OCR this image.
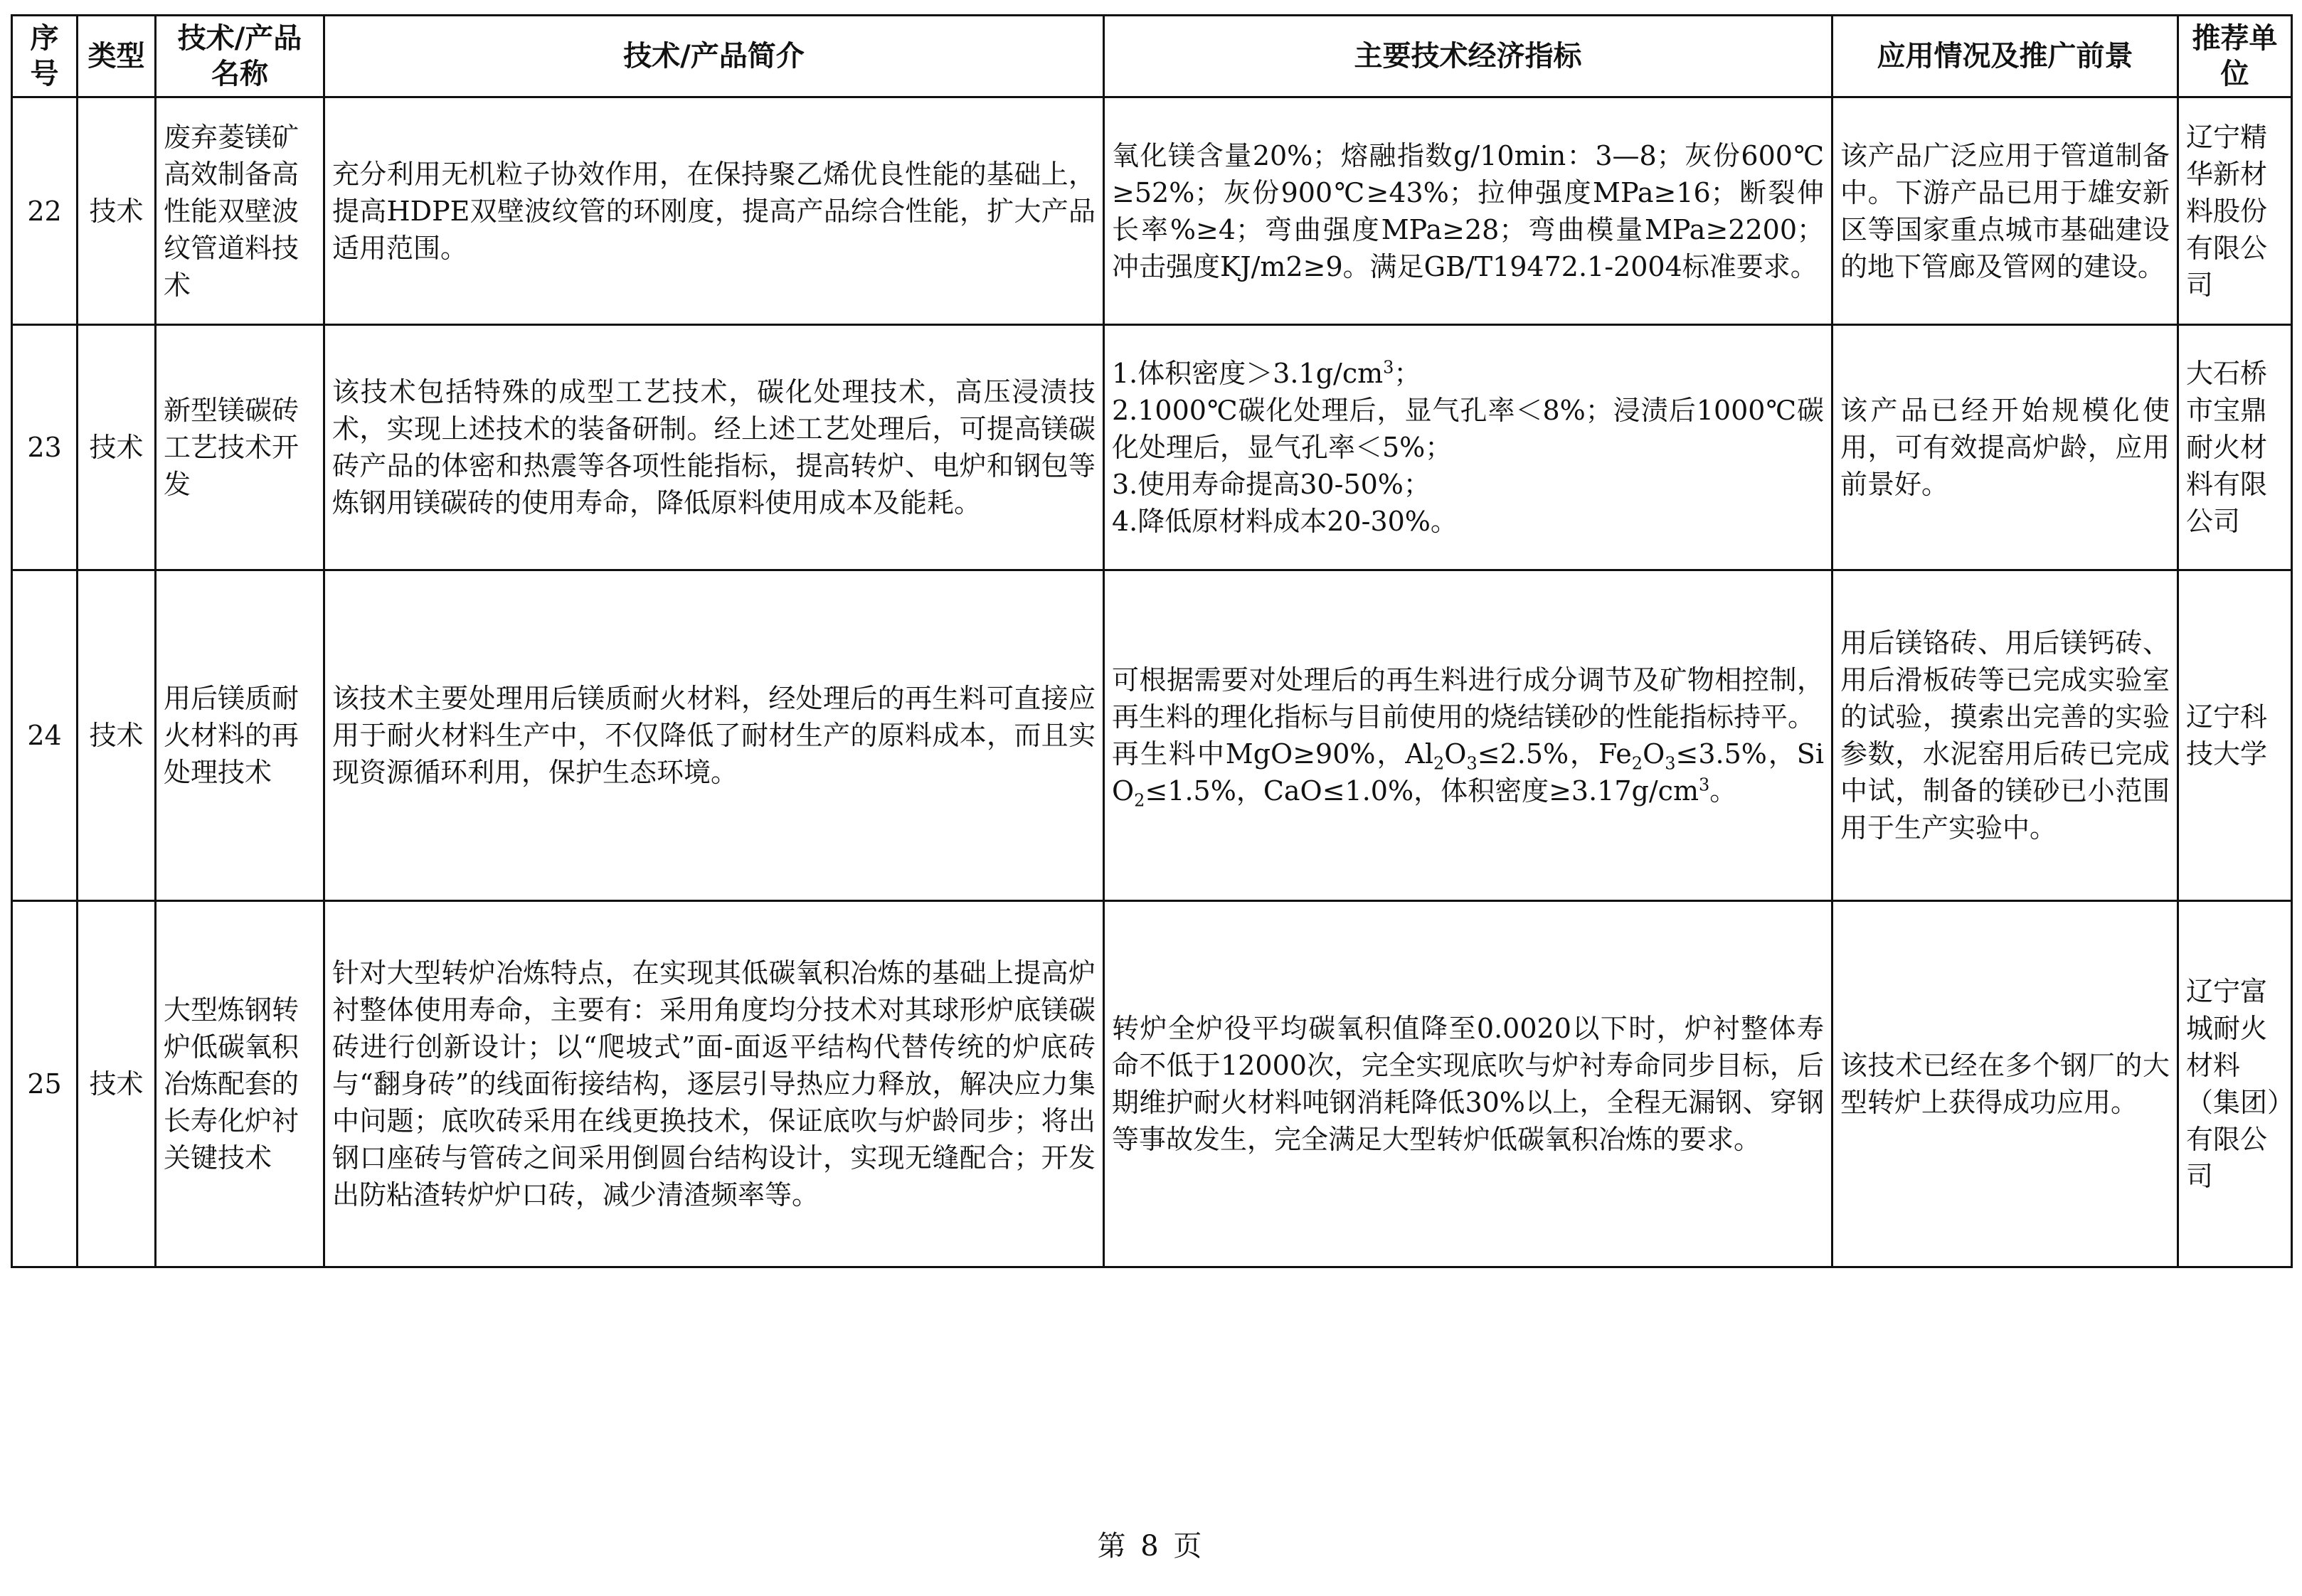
序号	类型	技术/产品名称	技术/产品简介	主要技术经济指标	应用情况及推广前景	推荐单位
22	技术	废弃菱镁矿高效制备高性能双壁波纹管道料技术	充分利用无机粒子协效作用，在保持聚乙烯优良性能的基础上，提高HDPE双壁波纹管的环刚度，提高产品综合性能，扩大产品适用范围。	氧化镁含量20%；熔融指数g/10min：3—8；灰份600℃≥52%；灰份900℃≥43%；拉伸强度MPa≥16；断裂伸长率%≥4；弯曲强度MPa≥28；弯曲模量MPa≥2200；冲击强度KJ/m2≥9。满足GB/T19472.1-2004标准要求。	该产品广泛应用于管道制备中。下游产品已用于雄安新区等国家重点城市基础建设的地下管廊及管网的建设。	辽宁精华新材料股份有限公司
23	技术	新型镁碳砖工艺技术开发	该技术包括特殊的成型工艺技术，碳化处理技术，高压浸渍技术，实现上述技术的装备研制。经上述工艺处理后，可提高镁碳砖产品的体密和热震等各项性能指标，提高转炉、电炉和钢包等炼钢用镁碳砖的使用寿命，降低原料使用成本及能耗。	1.体积密度$>3.1g/cm^3$；
2.1000℃碳化处理后，显气孔率＜8%；浸渍后1000℃碳化处理后，显气孔率＜5%；
3.使用寿命提高30-50%；
4.降低原材料成本20-30%。	该产品已经开始规模化使用，可有效提高炉龄，应用前景好。	大石桥市宝鼎耐火材料有限公司
24	技术	用后镁质耐火材料的再处理技术	该技术主要处理用后镁质耐火材料，经处理后的再生料可直接应用于耐火材料生产中，不仅降低了耐材生产的原料成本，而且实现资源循环利用，保护生态环境。	可根据需要对处理后的再生料进行成分调节及矿物相控制，再生料的理化指标与目前使用的烧结镁砂的性能指标持平。
再生料中MgO≥90%，$Al_2O_3\le 2.5\%$，$Fe_2O_3\le 3.5\%$，SiO$_2$≤1.5%，CaO≤1.0%，体积密度$\ge 3.17g/cm^3$。	用后镁铬砖、用后镁钙砖、用后滑板砖等已完成实验室的试验，摸索出完善的实验参数，水泥窑用后砖已完成中试，制备的镁砂已小范围用于生产实验中。	辽宁科技大学
25	技术	大型炼钢转炉低碳氧积冶炼配套的长寿化炉衬关键技术	针对大型转炉冶炼特点，在实现其低碳氧积冶炼的基础上提高炉衬整体使用寿命，主要有：采用角度均分技术对其球形炉底镁碳砖进行创新设计；以“爬坡式”面-面返平结构代替传统的炉底砖与“翻身砖”的线面衔接结构，逐层引导热应力释放，解决应力集中问题；底吹砖采用在线更换技术，保证底吹与炉龄同步；将出钢口座砖与管砖之间采用倒圆台结构设计，实现无缝配合；开发出防粘渣转炉炉口砖，减少清渣频率等。	转炉全炉役平均碳氧积值降至0.0020以下时，炉衬整体寿命不低于12000次，完全实现底吹与炉衬寿命同步目标，后期维护耐火材料吨钢消耗降低30%以上，全程无漏钢、穿钢等事故发生，完全满足大型转炉低碳氧积冶炼的要求。	该技术已经在多个钢厂的大型转炉上获得成功应用。	辽宁富城耐火材料（集团）有限公司
第 8 页
